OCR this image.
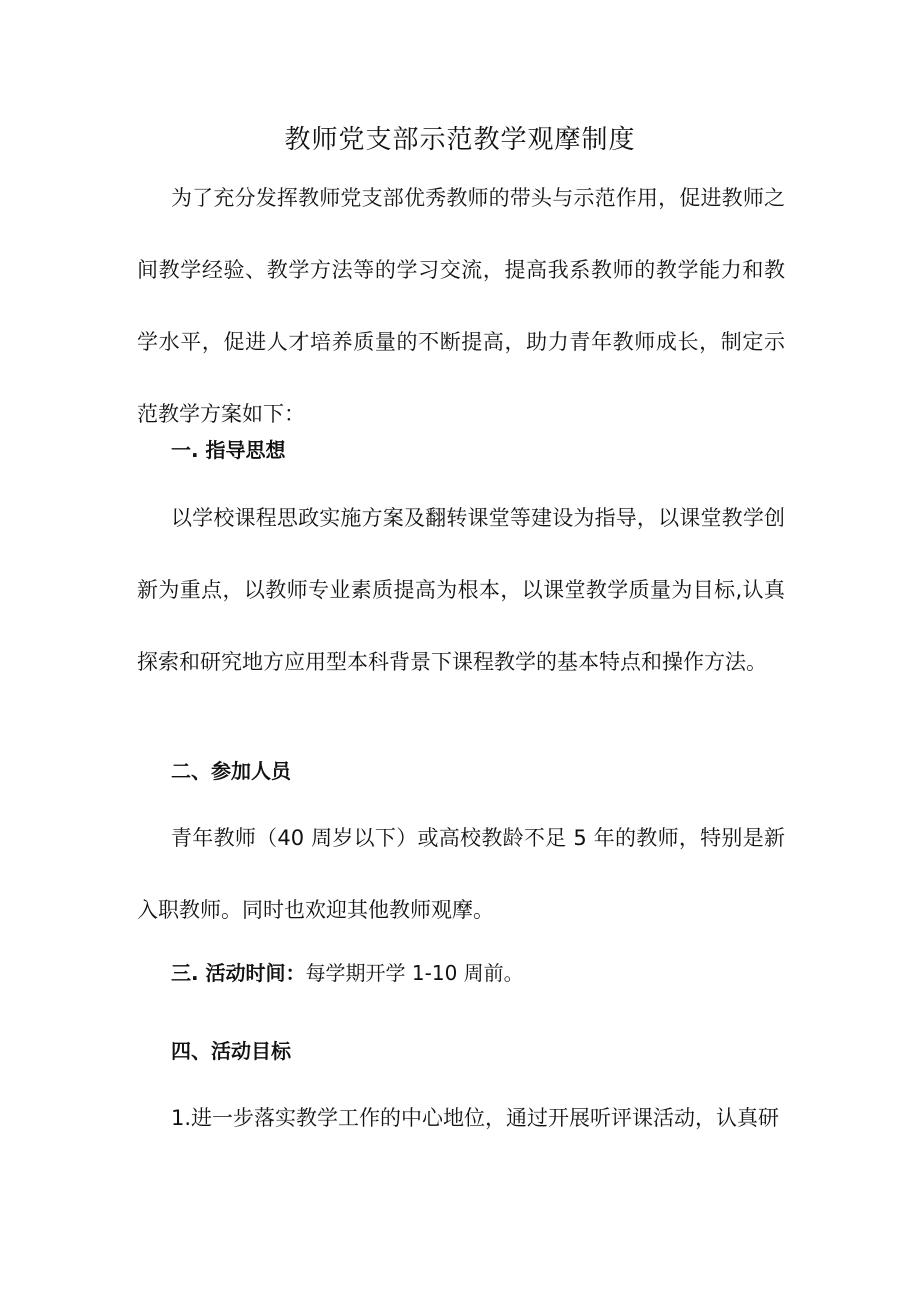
教师党支部示范教学观摩制度

为了充分发挥教师党支部优秀教师的带头与示范作用，促进教师之间教学经验、教学方法等的学习交流，提高我系教师的教学能力和教学水平，促进人才培养质量的不断提高，助力青年教师成长，制定示范教学方案如下：

一. 指导思想

以学校课程思政实施方案及翻转课堂等建设为指导，以课堂教学创新为重点，以教师专业素质提高为根本，以课堂教学质量为目标,认真探索和研究地方应用型本科背景下课程教学的基本特点和操作方法。

二、参加人员

青年教师（40 周岁以下）或高校教龄不足 5 年的教师，特别是新入职教师。同时也欢迎其他教师观摩。

三. 活动时间：每学期开学 1-10 周前。
四、活动目标

1.进一步落实教学工作的中心地位，通过开展听评课活动，认真研
